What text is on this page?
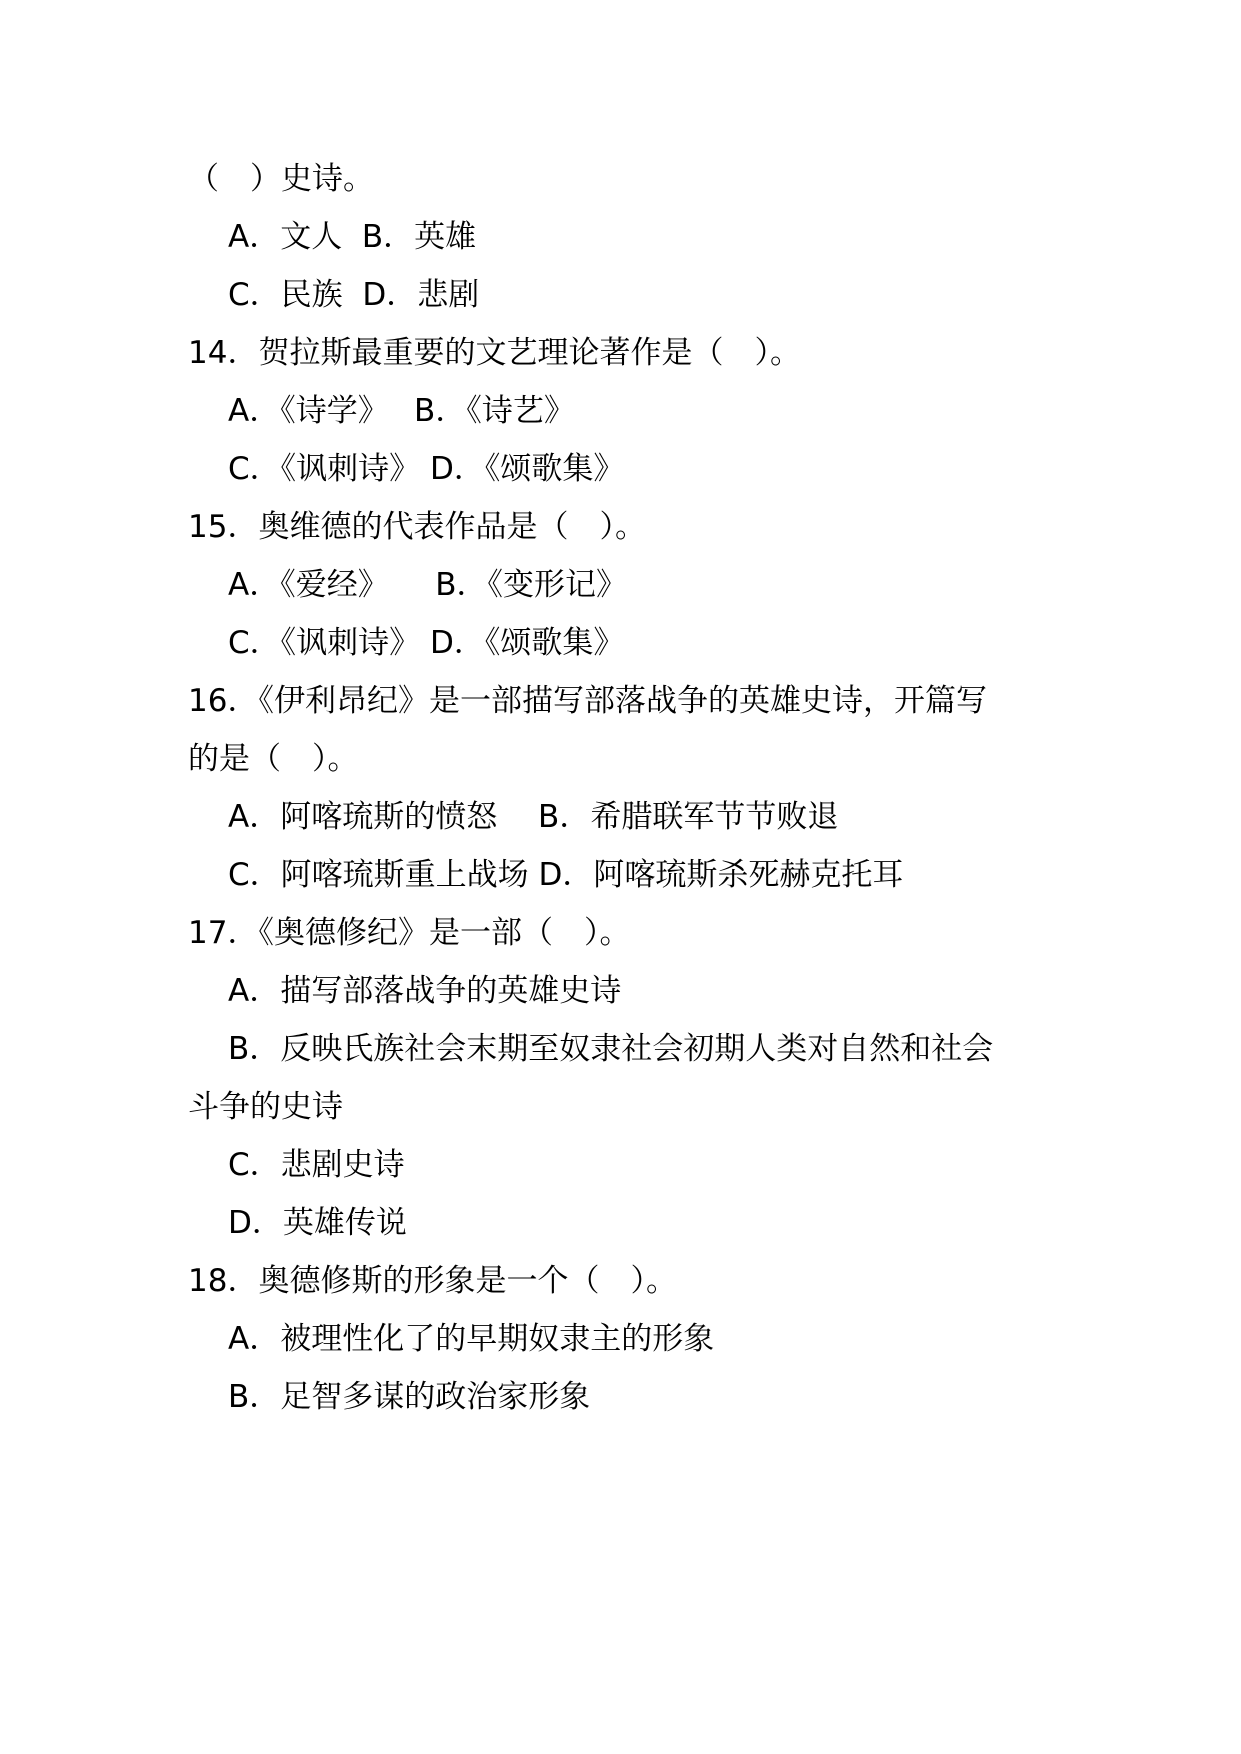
（　）史诗。
A．文人  B．英雄
C．民族  D．悲剧
14．贺拉斯最重要的文艺理论著作是（　）。
A．《诗学》　 B．《诗艺》
C．《讽刺诗》 D．《颂歌集》
15．奥维德的代表作品是（　）。
A．《爱经》　　B．《变形记》
C．《讽刺诗》 D．《颂歌集》
16．《伊利昂纪》是一部描写部落战争的英雄史诗，开篇写
的是（　）。
A．阿喀琉斯的愤怒　 B．希腊联军节节败退
C．阿喀琉斯重上战场 D．阿喀琉斯杀死赫克托耳
17．《奥德修纪》是一部（　）。
A．描写部落战争的英雄史诗
B．反映氏族社会末期至奴隶社会初期人类对自然和社会
斗争的史诗
C．悲剧史诗
D．英雄传说
18．奥德修斯的形象是一个（　）。
A．被理性化了的早期奴隶主的形象
B．足智多谋的政治家形象
